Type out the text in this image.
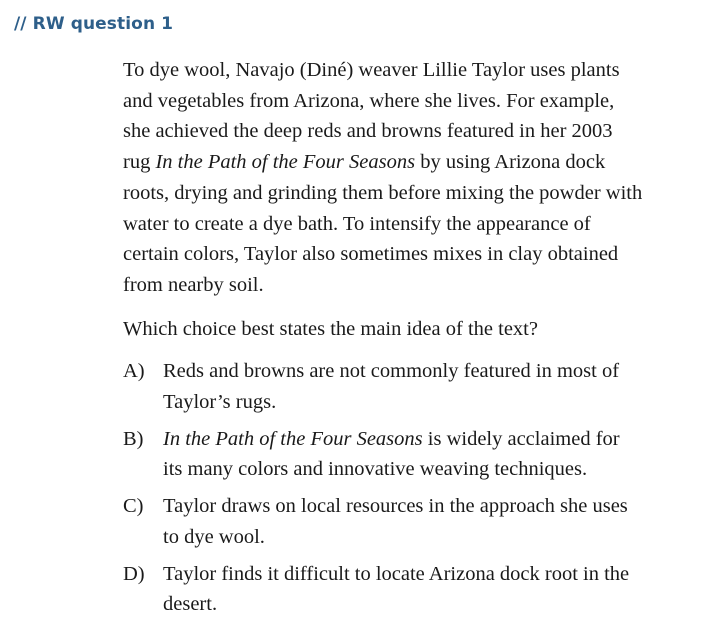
// RW question 1

To dye wool, Navajo (Diné) weaver Lillie Taylor uses plants and vegetables from Arizona, where she lives. For example, she achieved the deep reds and browns featured in her 2003 rug In the Path of the Four Seasons by using Arizona dock roots, drying and grinding them before mixing the powder with water to create a dye bath. To intensify the appearance of certain colors, Taylor also sometimes mixes in clay obtained from nearby soil.

Which choice best states the main idea of the text?

A) Reds and browns are not commonly featured in most of Taylor’s rugs.
B) In the Path of the Four Seasons is widely acclaimed for its many colors and innovative weaving techniques.
C) Taylor draws on local resources in the approach she uses to dye wool.
D) Taylor finds it difficult to locate Arizona dock root in the desert.
